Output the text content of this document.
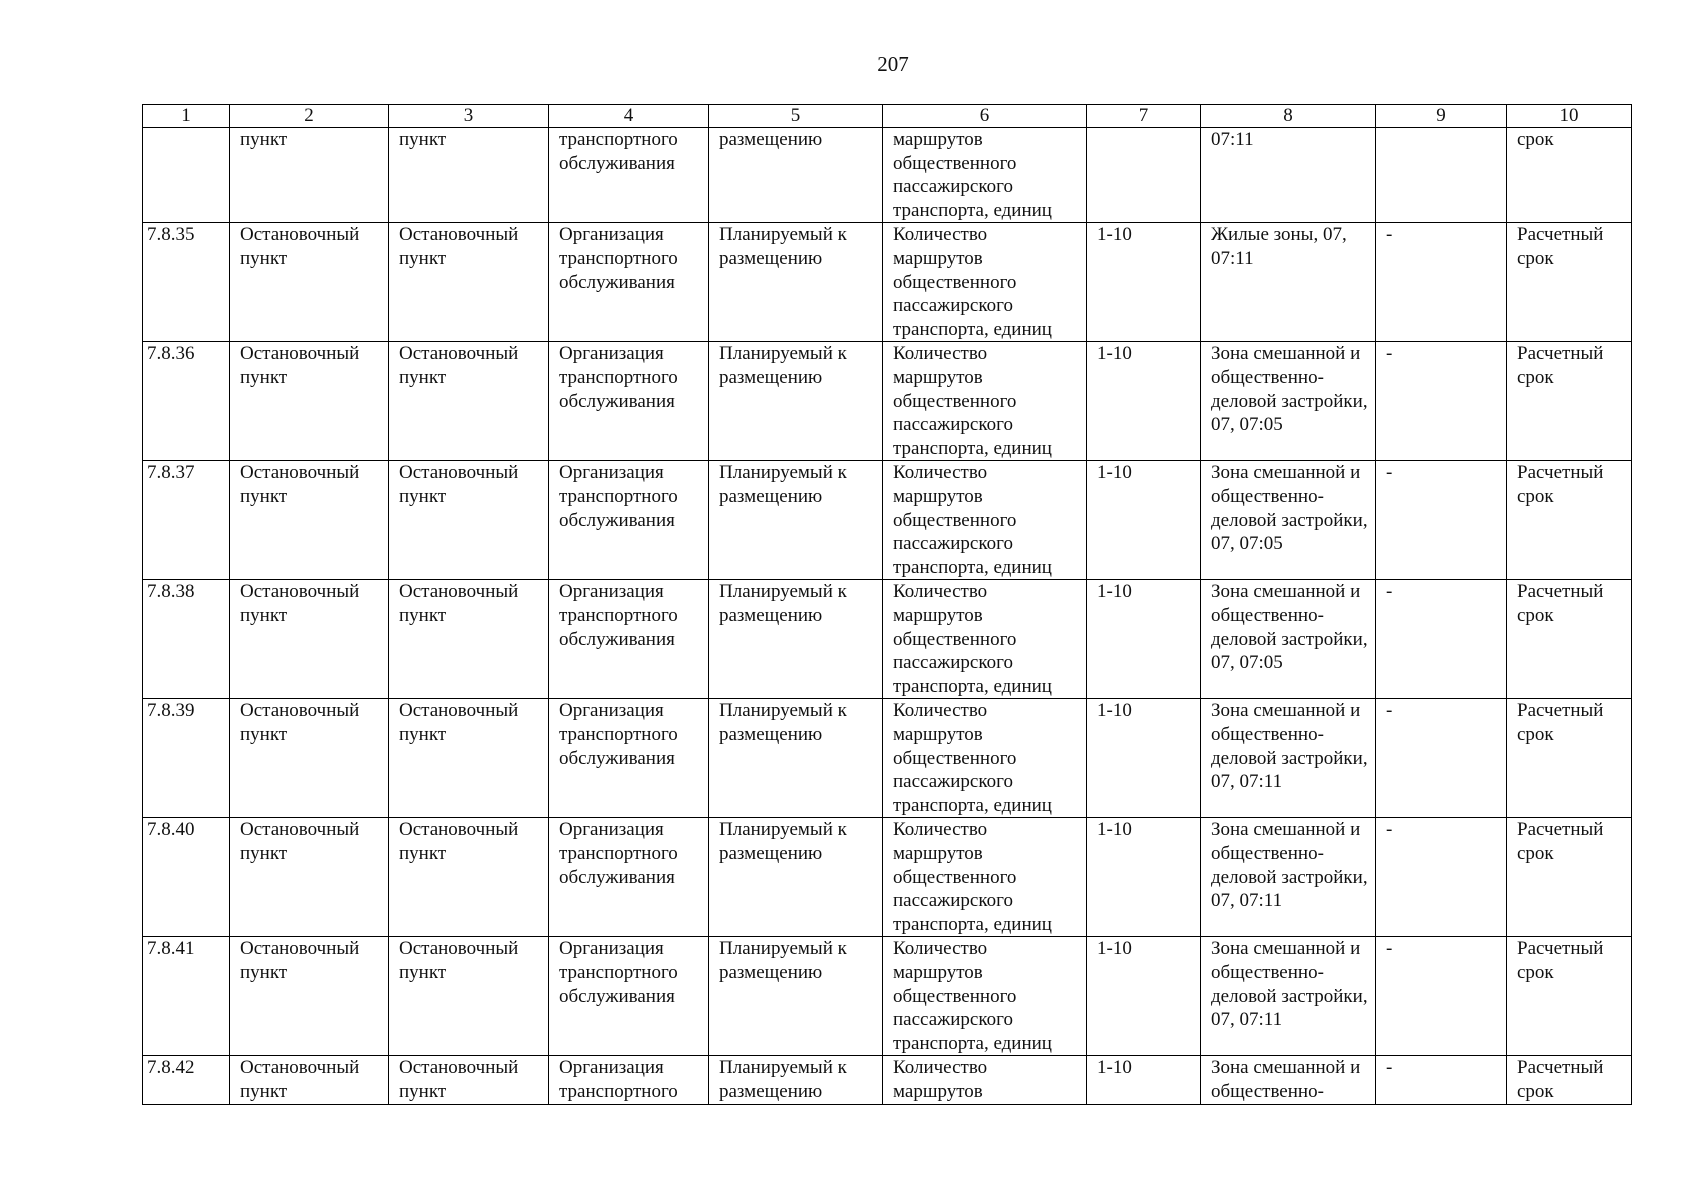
207
1	2	3	4	5	6	7	8	9	10
	пункт	пункт	транспортного обслуживания	размещению	маршрутов общественного пассажирского транспорта, единиц		07:11		срок
7.8.35	Остановочный пункт	Остановочный пункт	Организация транспортного обслуживания	Планируемый к размещению	Количество маршрутов общественного пассажирского транспорта, единиц	1-10	Жилые зоны, 07, 07:11	-	Расчетный срок
7.8.36	Остановочный пункт	Остановочный пункт	Организация транспортного обслуживания	Планируемый к размещению	Количество маршрутов общественного пассажирского транспорта, единиц	1-10	Зона смешанной и общественно-деловой застройки, 07, 07:05	-	Расчетный срок
7.8.37	Остановочный пункт	Остановочный пункт	Организация транспортного обслуживания	Планируемый к размещению	Количество маршрутов общественного пассажирского транспорта, единиц	1-10	Зона смешанной и общественно-деловой застройки, 07, 07:05	-	Расчетный срок
7.8.38	Остановочный пункт	Остановочный пункт	Организация транспортного обслуживания	Планируемый к размещению	Количество маршрутов общественного пассажирского транспорта, единиц	1-10	Зона смешанной и общественно-деловой застройки, 07, 07:05	-	Расчетный срок
7.8.39	Остановочный пункт	Остановочный пункт	Организация транспортного обслуживания	Планируемый к размещению	Количество маршрутов общественного пассажирского транспорта, единиц	1-10	Зона смешанной и общественно-деловой застройки, 07, 07:11	-	Расчетный срок
7.8.40	Остановочный пункт	Остановочный пункт	Организация транспортного обслуживания	Планируемый к размещению	Количество маршрутов общественного пассажирского транспорта, единиц	1-10	Зона смешанной и общественно-деловой застройки, 07, 07:11	-	Расчетный срок
7.8.41	Остановочный пункт	Остановочный пункт	Организация транспортного обслуживания	Планируемый к размещению	Количество маршрутов общественного пассажирского транспорта, единиц	1-10	Зона смешанной и общественно-деловой застройки, 07, 07:11	-	Расчетный срок
7.8.42	Остановочный пункт	Остановочный пункт	Организация транспортного	Планируемый к размещению	Количество маршрутов	1-10	Зона смешанной и общественно-	-	Расчетный срок
